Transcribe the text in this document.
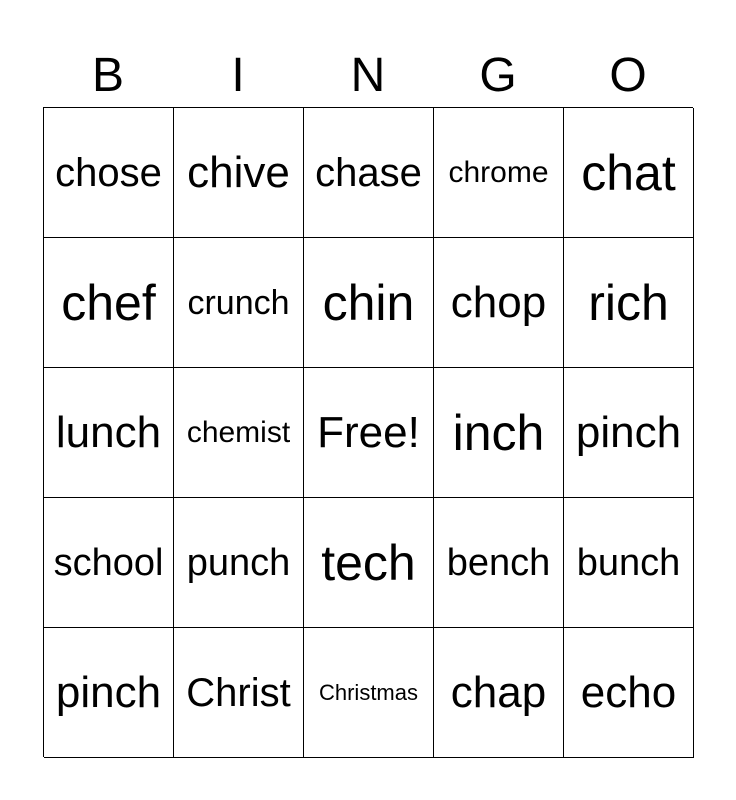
B	I	N	G	O
chose chive chase chrome chat
chef crunch chin chop rich
lunch chemist Free! inch pinch
school punch tech bench bunch
pinch Christ	Christmas chap echo
